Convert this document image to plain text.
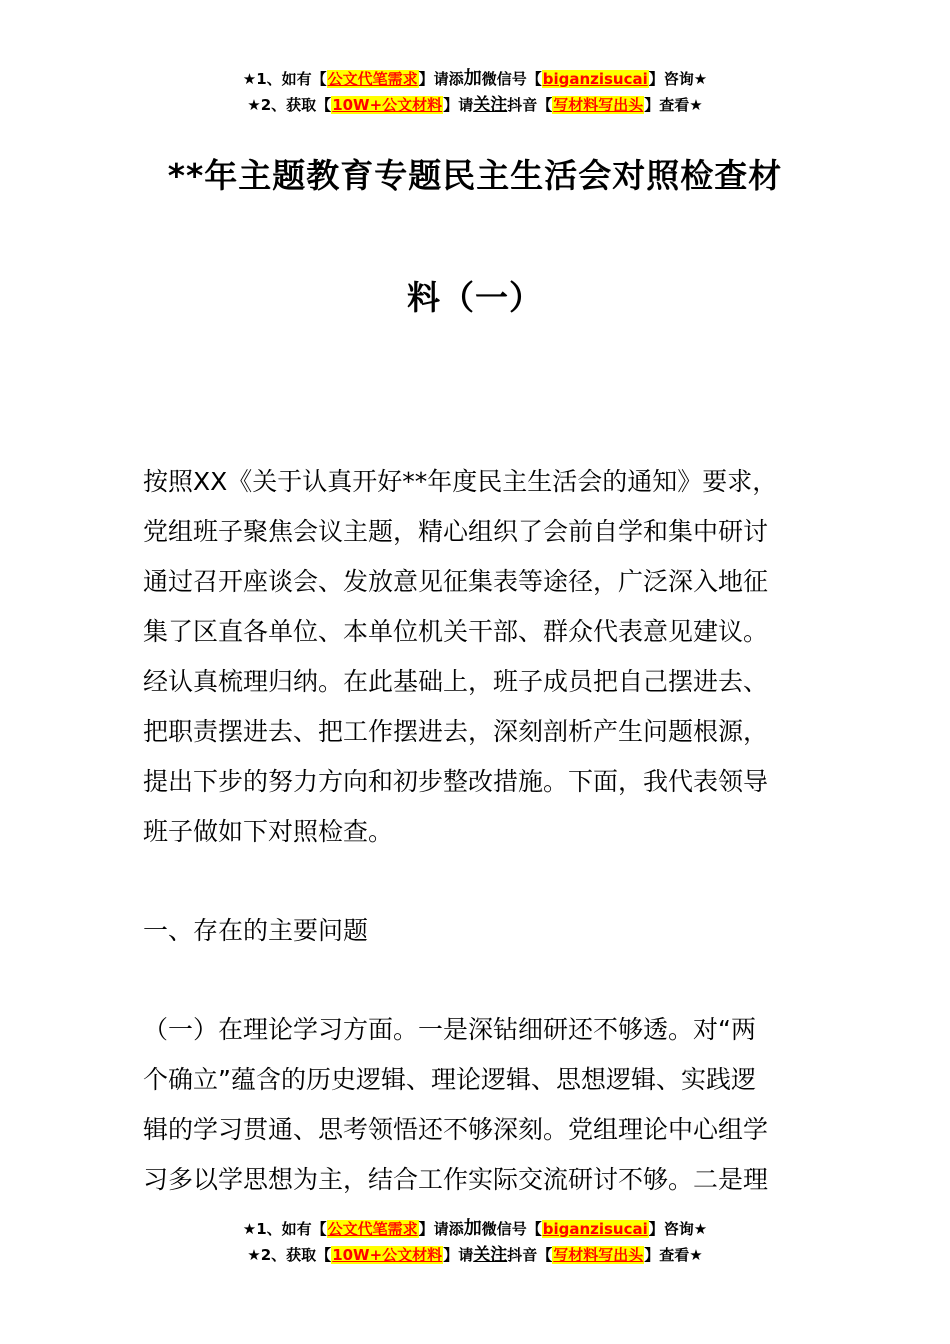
★1、如有【公文代笔需求】请添加微信号【biganzisucai】咨询★
★2、获取【10W+公文材料】请关注抖音【写材料写出头】查看★
**年主题教育专题民主生活会对照检查材
料（一）
按照XX《关于认真开好**年度民主生活会的通知》要求，
党组班子聚焦会议主题，精心组织了会前自学和集中研讨
通过召开座谈会、发放意见征集表等途径，广泛深入地征
集了区直各单位、本单位机关干部、群众代表意见建议。
经认真梳理归纳。在此基础上，班子成员把自己摆进去、
把职责摆进去、把工作摆进去，深刻剖析产生问题根源，
提出下步的努力方向和初步整改措施。下面，我代表领导
班子做如下对照检查。
一、存在的主要问题
（一）在理论学习方面。一是深钻细研还不够透。对“两
个确立”蕴含的历史逻辑、理论逻辑、思想逻辑、实践逻
辑的学习贯通、思考领悟还不够深刻。党组理论中心组学
习多以学思想为主，结合工作实际交流研讨不够。二是理
★1、如有【公文代笔需求】请添加微信号【biganzisucai】咨询★
★2、获取【10W+公文材料】请关注抖音【写材料写出头】查看★
